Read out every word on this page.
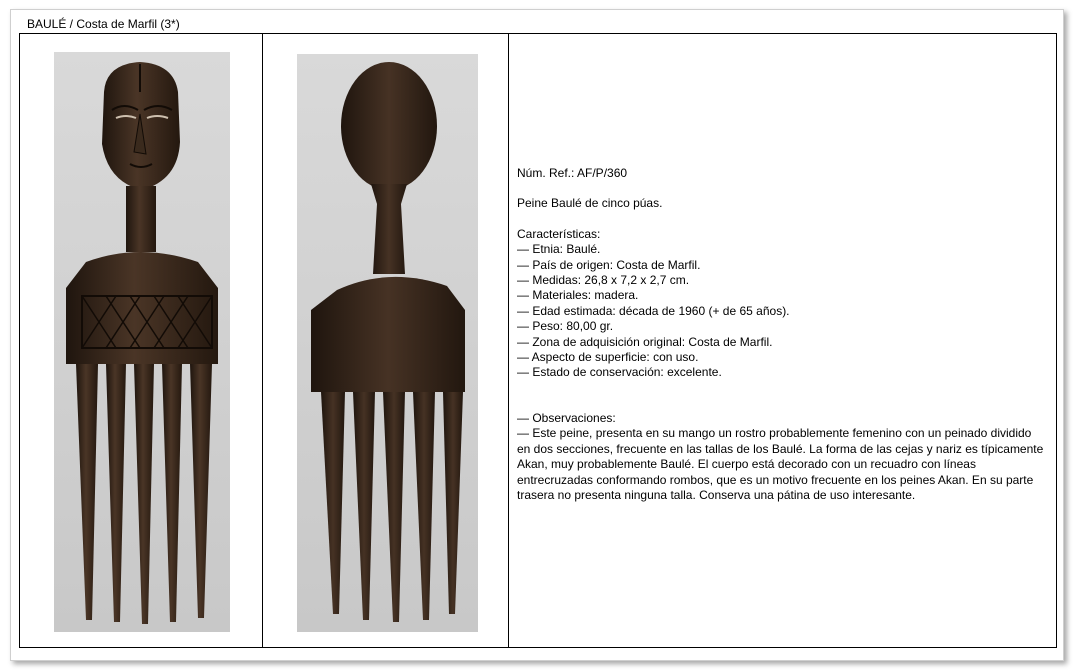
BAULÉ / Costa de Marfil (3*)

Núm. Ref.: AF/P/360

Peine Baulé de cinco púas.

Características:

— Etnia: Baulé.

— País de origen: Costa de Marfil.

— Medidas: 26,8 x 7,2 x 2,7 cm.

— Materiales: madera.

— Edad estimada: década de 1960 (+ de 65 años).

— Peso: 80,00 gr.

— Zona de adquisición original: Costa de Marfil.

— Aspecto de superficie: con uso.

— Estado de conservación: excelente.

— Observaciones:

— Este peine, presenta en su mango un rostro probablemente femenino con un peinado dividido en dos secciones, frecuente en las tallas de los Baulé. La forma de las cejas y nariz es típicamente Akan, muy probablemente Baulé. El cuerpo está decorado con un recuadro con líneas entrecruzadas conformando rombos, que es un motivo frecuente en los peines Akan. En su parte trasera no presenta ninguna talla. Conserva una pátina de uso interesante.
